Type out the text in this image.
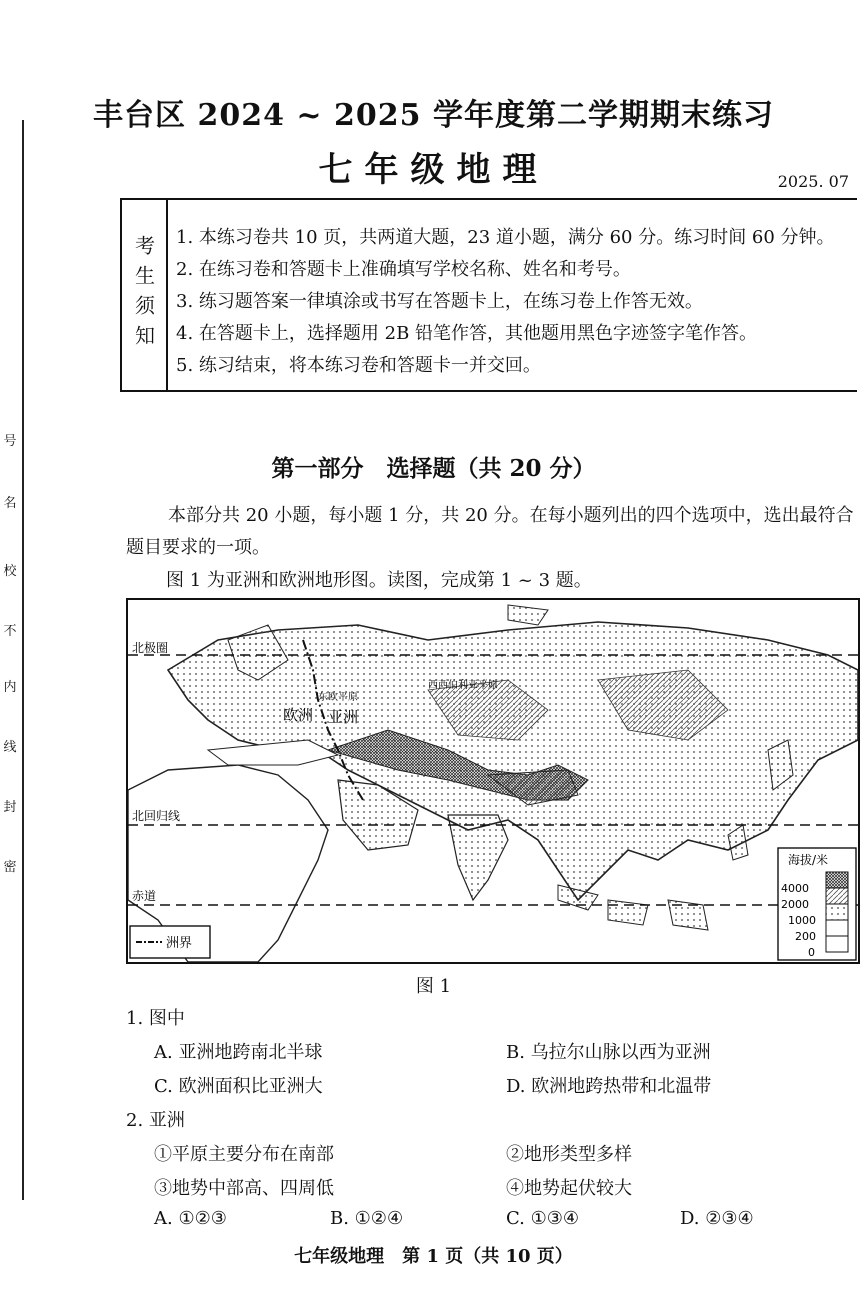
号
名
校
不
内
线
封
密
丰台区 2024 ~ 2025 学年度第二学期期末练习
七年级地理	2025. 07
考生须知 1. 本练习卷共 10 页，共两道大题，23 道小题，满分 60 分。练习时间 60 分钟。
2. 在练习卷和答题卡上准确填写学校名称、姓名和考号。
3. 练习题答案一律填涂或书写在答题卡上，在练习卷上作答无效。
4. 在答题卡上，选择题用 2B 铅笔作答，其他题用黑色字迹签字笔作答。
5. 练习结束，将本练习卷和答题卡一并交回。
第一部分　选择题（共 20 分）
本部分共 20 小题，每小题 1 分，共 20 分。在每小题列出的四个选项中，选出最符合题目要求的一项。
图 1 为亚洲和欧洲地形图。读图，完成第 1 ~ 3 题。
北极圈
北回归线
赤道
欧洲 亚洲
东欧平原
西西伯利亚平原
洲界
海拔/米
4000
2000
1000
200
0
图 1
1. 图中
A. 亚洲地跨南北半球	B. 乌拉尔山脉以西为亚洲
C. 欧洲面积比亚洲大	D. 欧洲地跨热带和北温带
2. 亚洲
①平原主要分布在南部	②地形类型多样
③地势中部高、四周低	④地势起伏较大
A. ①②③	B. ①②④	C. ①③④	D. ②③④
七年级地理　第 1 页（共 10 页）
